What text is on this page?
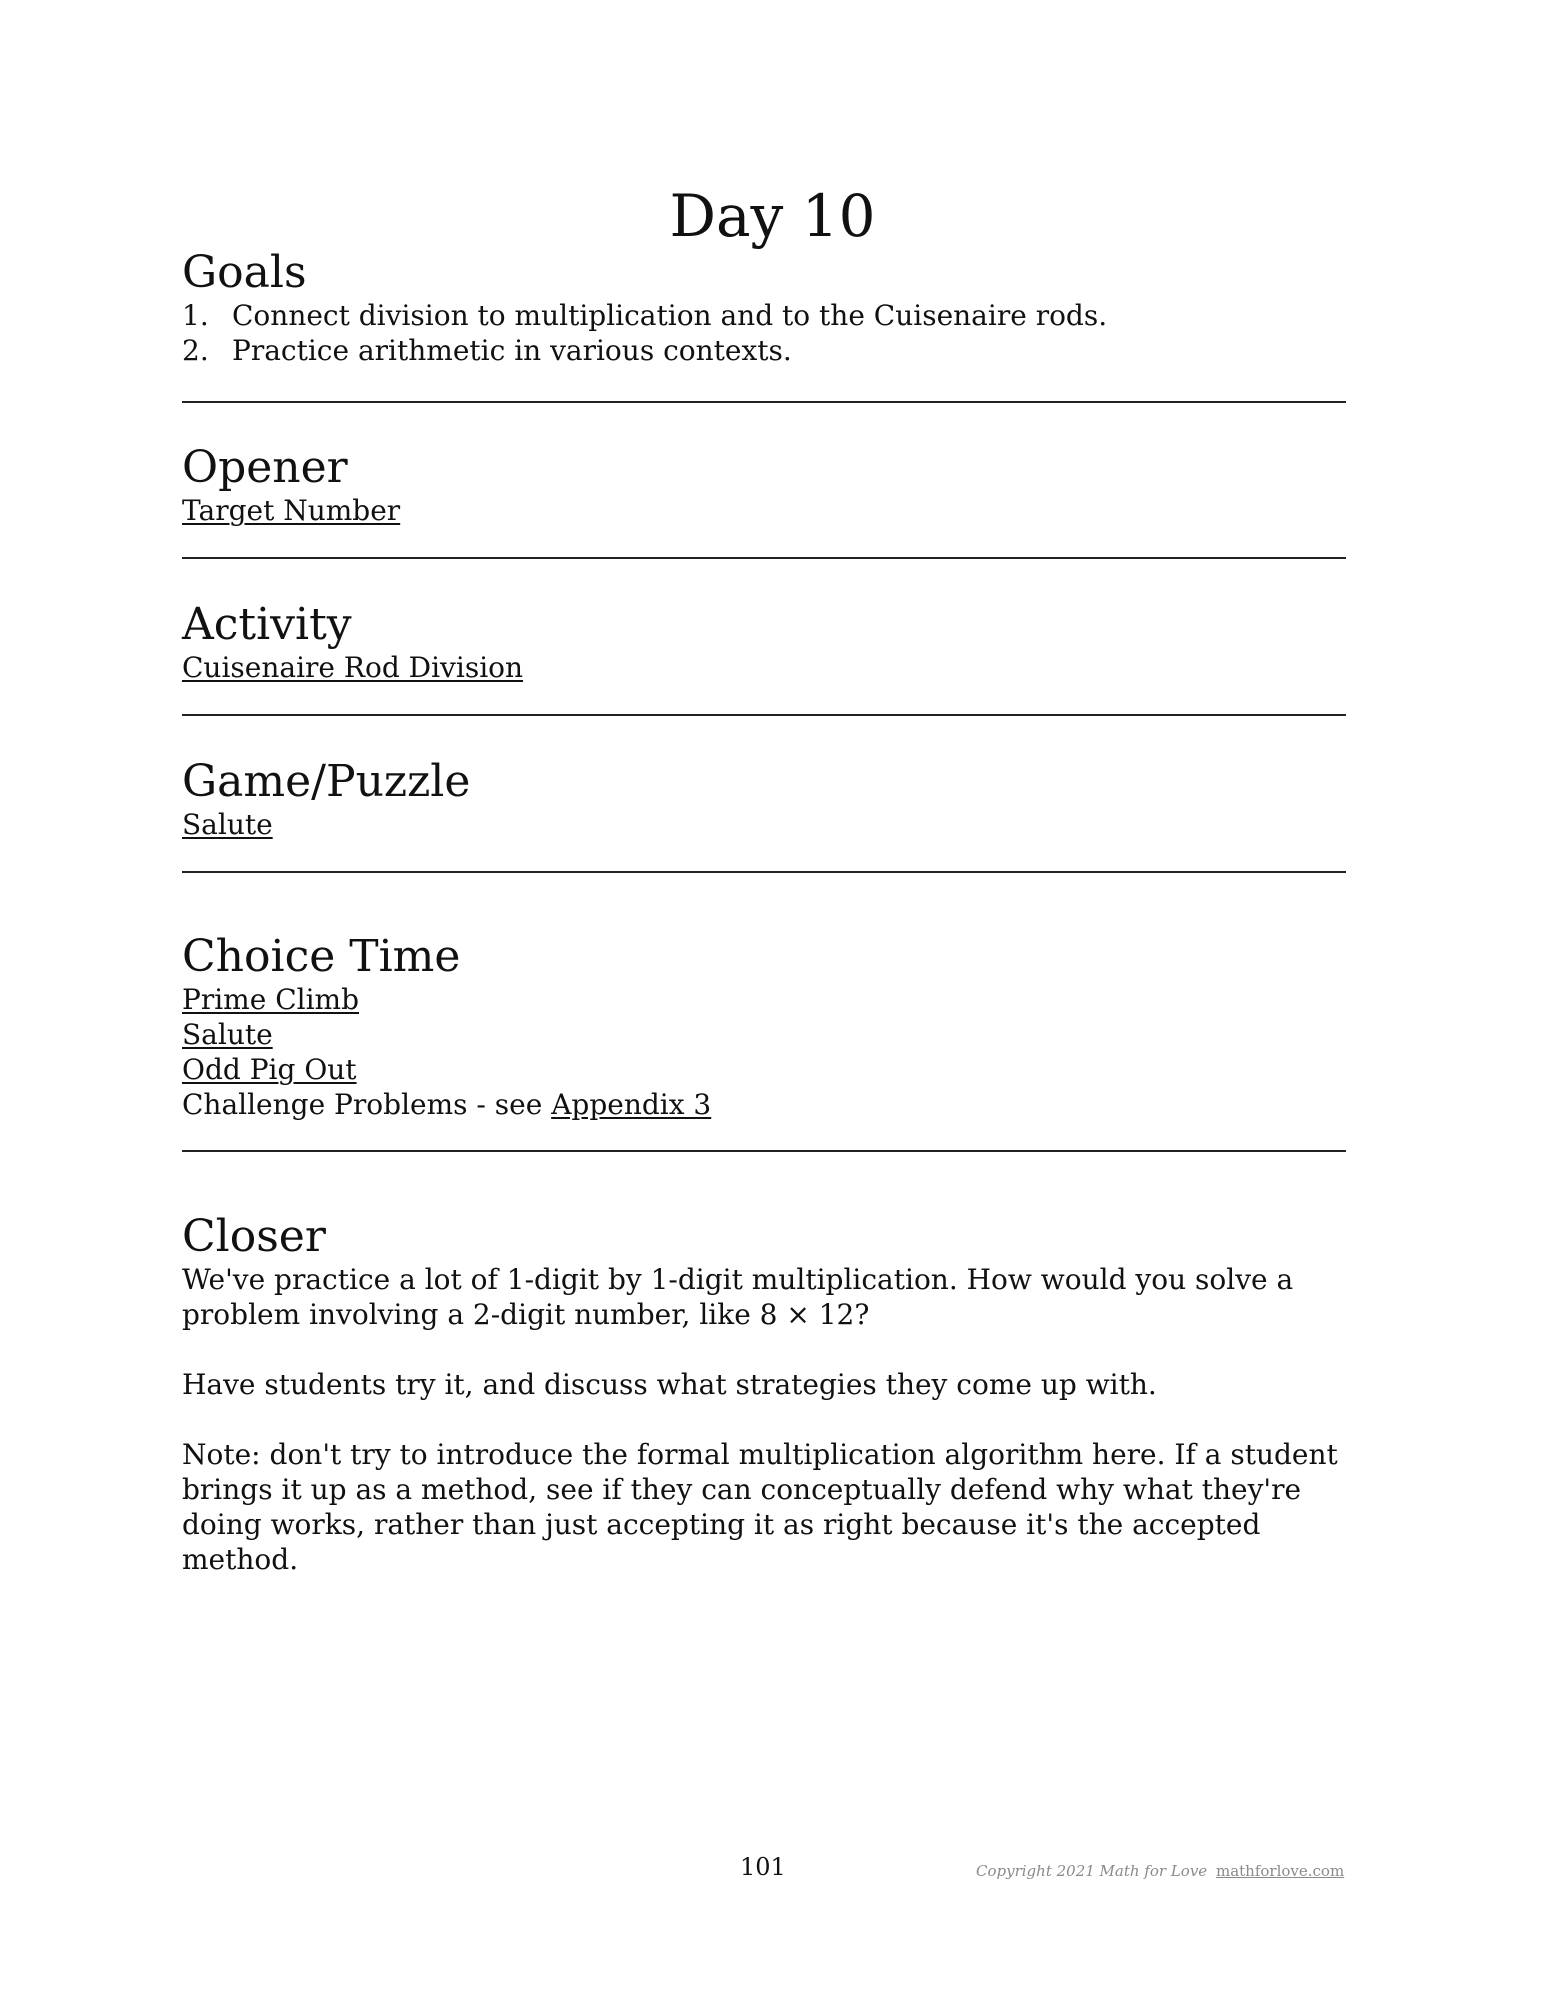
Day 10
Goals
1. Connect division to multiplication and to the Cuisenaire rods.
2. Practice arithmetic in various contexts.
Opener

Target Number

Activity

Cuisenaire Rod Division

Game/Puzzle

Salute

Choice Time

Prime Climb

Salute

Odd Pig Out

Challenge Problems - see Appendix 3

Closer

We've practice a lot of 1-digit by 1-digit multiplication. How would you solve a problem involving a 2-digit number, like 8 × 12?

Have students try it, and discuss what strategies they come up with.

Note: don't try to introduce the formal multiplication algorithm here. If a student brings it up as a method, see if they can conceptually defend why what they're doing works, rather than just accepting it as right because it's the accepted method.

101	Copyright 2021 Math for Love mathforlove.com
